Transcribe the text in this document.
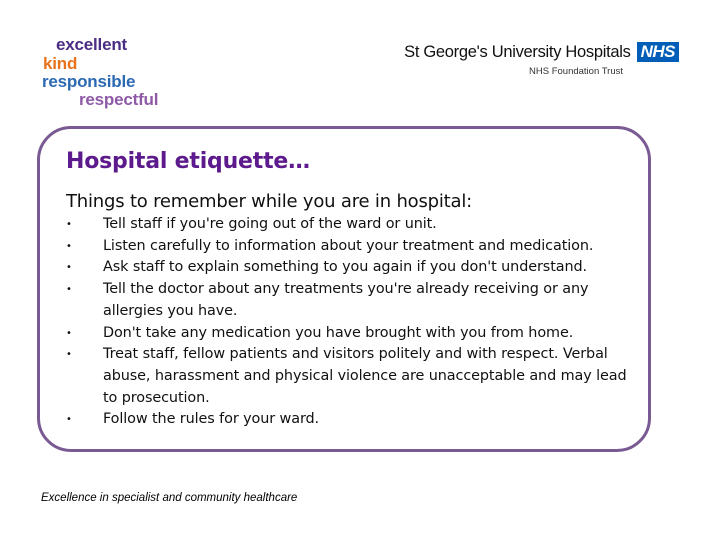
excellent
kind
responsible
respectful
St George's University Hospitals NHS
NHS Foundation Trust
Hospital etiquette…
Things to remember while you are in hospital:
• Tell staff if you're going out of the ward or unit.
• Listen carefully to information about your treatment and medication.
• Ask staff to explain something to you again if you don't understand.
• Tell the doctor about any treatments you're already receiving or any allergies you have.
• Don't take any medication you have brought with you from home.
• Treat staff, fellow patients and visitors politely and with respect. Verbal abuse, harassment and physical violence are unacceptable and may lead to prosecution.
• Follow the rules for your ward.
Excellence in specialist and community healthcare
